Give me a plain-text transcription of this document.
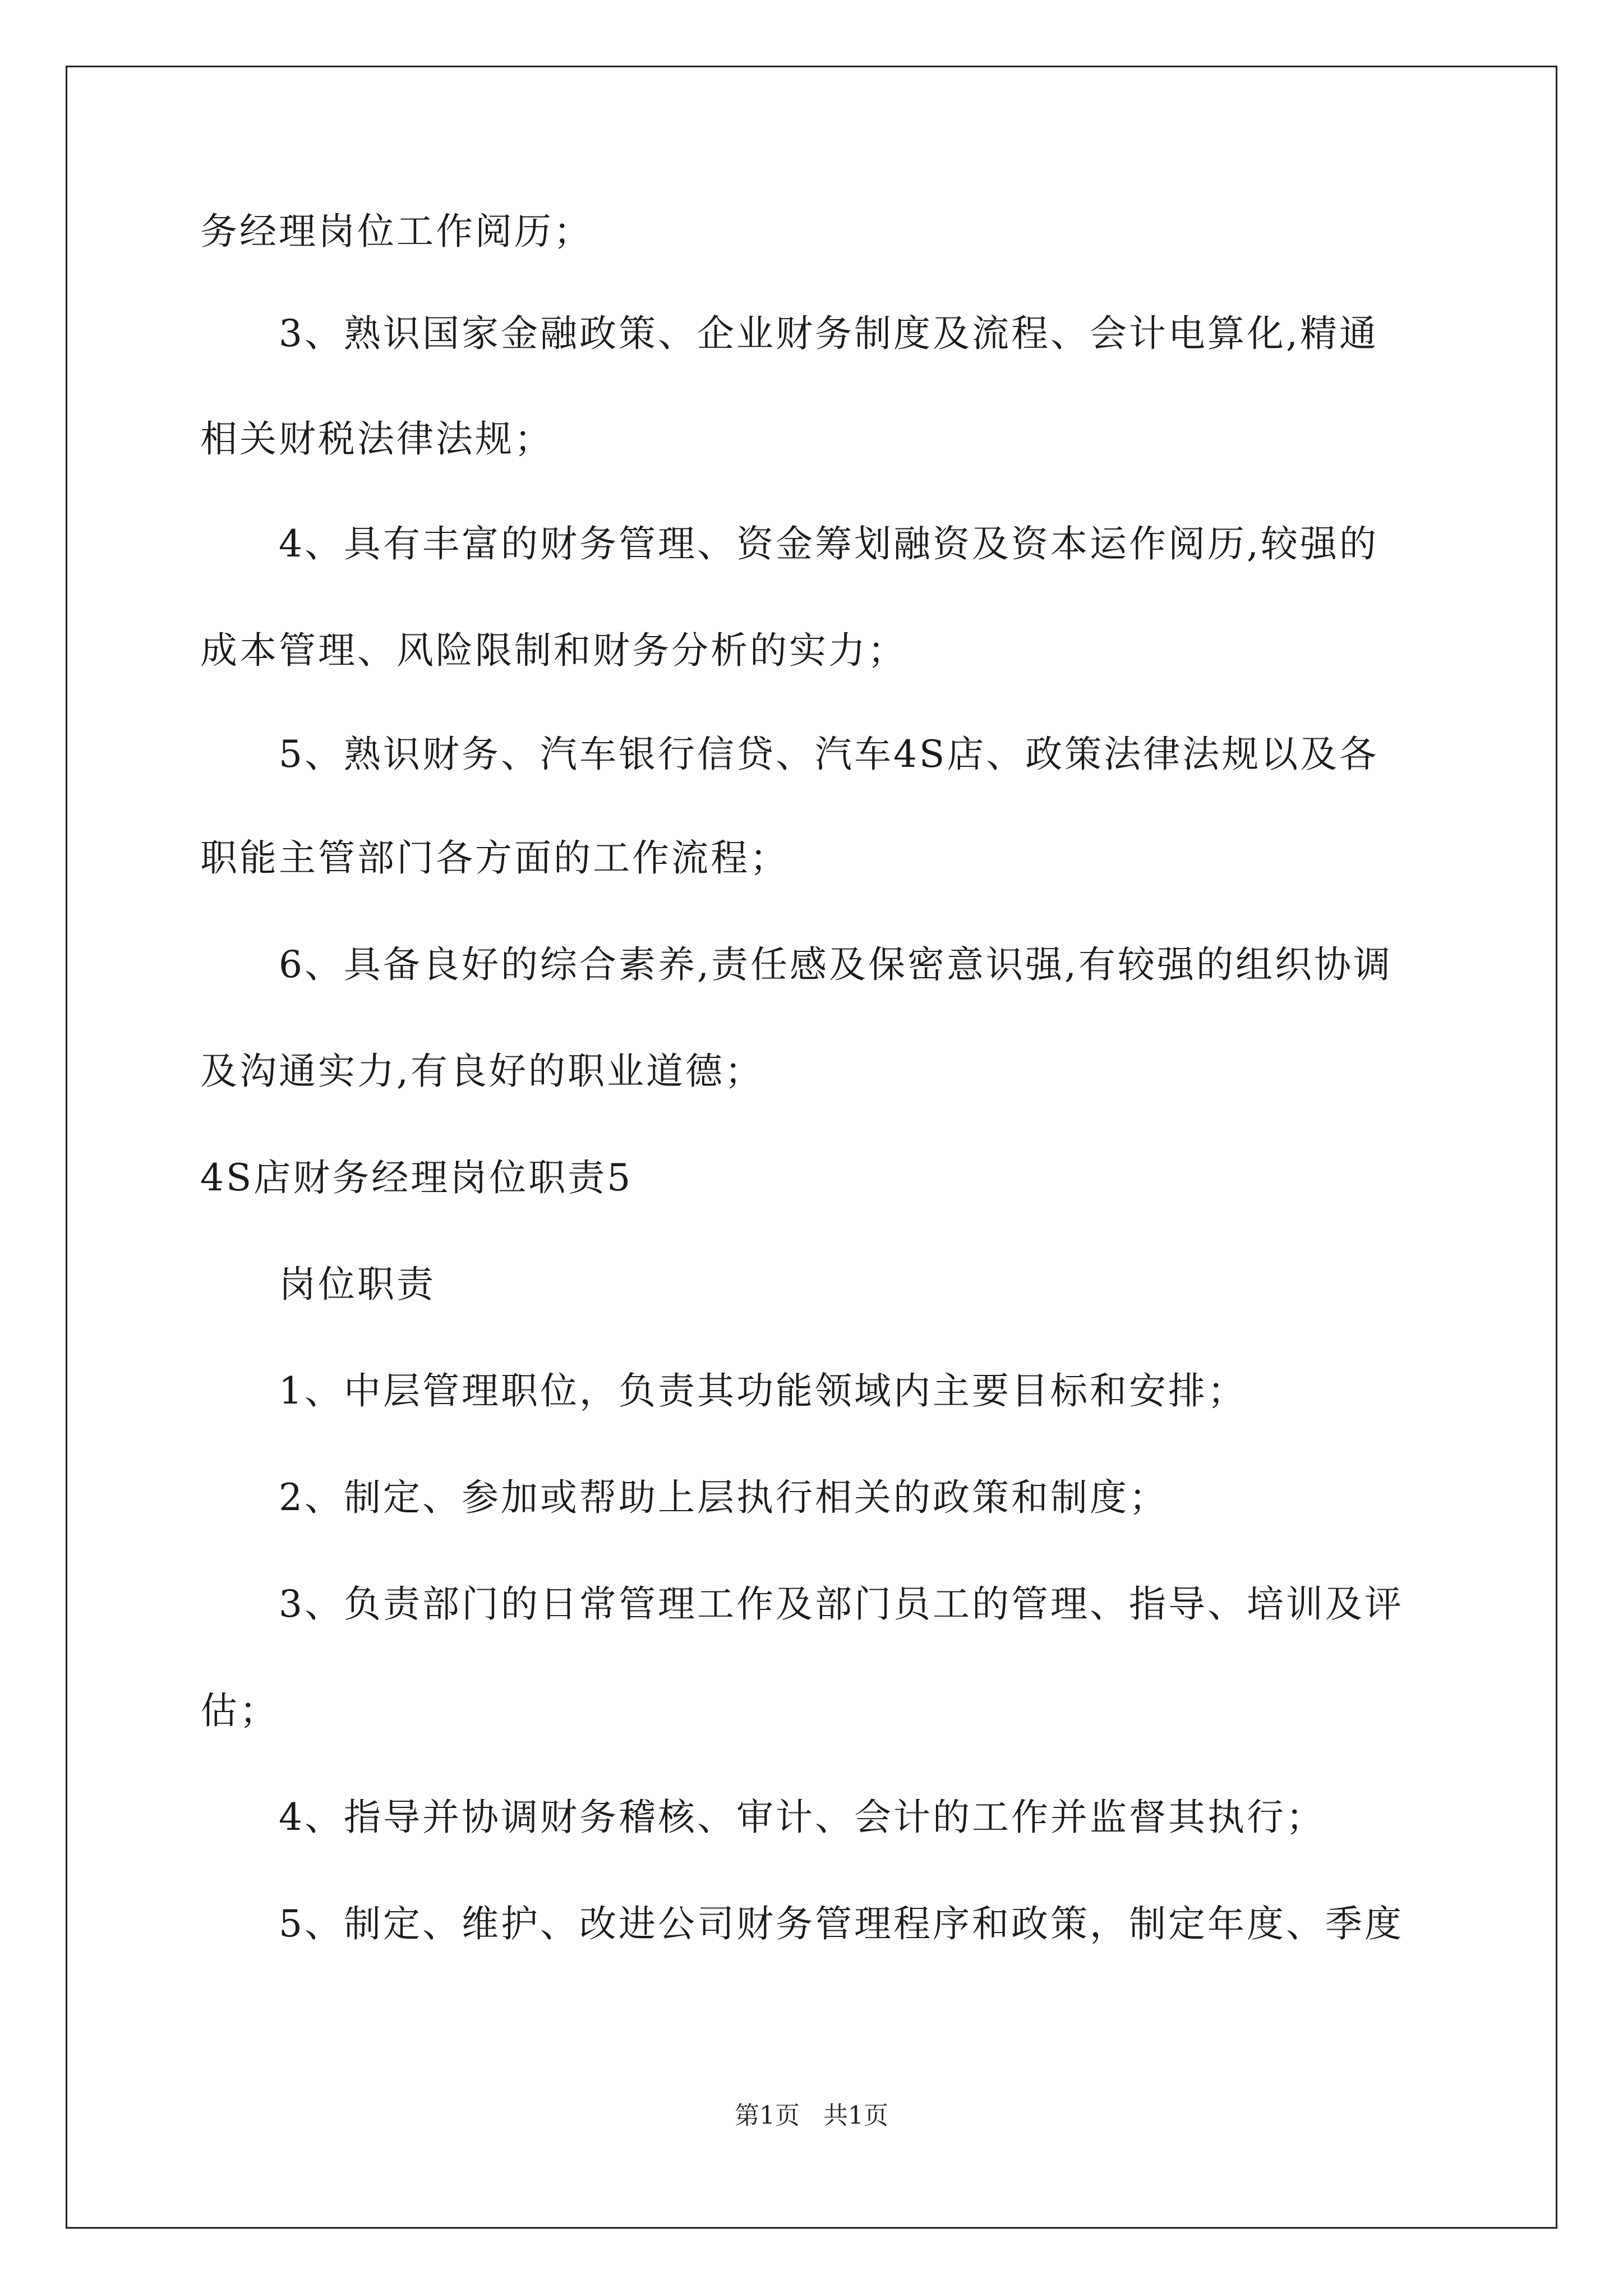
务经理岗位工作阅历；
3、熟识国家金融政策、企业财务制度及流程、会计电算化,精通
相关财税法律法规；
4、具有丰富的财务管理、资金筹划融资及资本运作阅历,较强的
成本管理、风险限制和财务分析的实力；
5、熟识财务、汽车银行信贷、汽车4S店、政策法律法规以及各
职能主管部门各方面的工作流程；
6、具备良好的综合素养,责任感及保密意识强,有较强的组织协调
及沟通实力,有良好的职业道德；
4S店财务经理岗位职责5
岗位职责
1、中层管理职位，负责其功能领域内主要目标和安排；
2、制定、参加或帮助上层执行相关的政策和制度；
3、负责部门的日常管理工作及部门员工的管理、指导、培训及评
估；
4、指导并协调财务稽核、审计、会计的工作并监督其执行；
5、制定、维护、改进公司财务管理程序和政策，制定年度、季度
第1页   共1页
